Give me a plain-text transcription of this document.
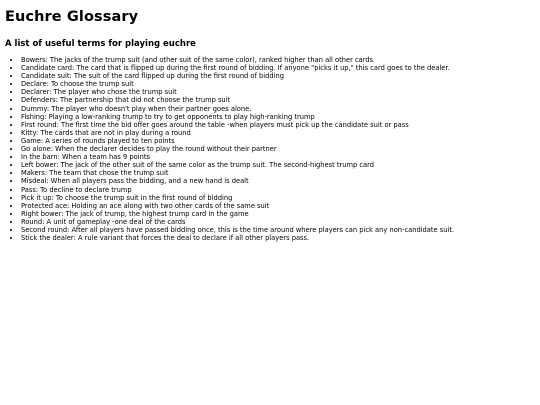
Euchre Glossary
A list of useful terms for playing euchre
• Bowers: The jacks of the trump suit (and other suit of the same color), ranked higher than all other cards
• Candidate card: The card that is flipped up during the first round of bidding. If anyone "picks it up," this card goes to the dealer.
• Candidate suit: The suit of the card flipped up during the first round of bidding
• Declare: To choose the trump suit
• Declarer: The player who chose the trump suit
• Defenders: The partnership that did not choose the trump suit
• Dummy: The player who doesn't play when their partner goes alone.
• Fishing: Playing a low-ranking trump to try to get opponents to play high-ranking trump
• First round: The first time the bid offer goes around the table -when players must pick up the candidate suit or pass
• Kitty: The cards that are not in play during a round
• Game: A series of rounds played to ten points
• Go alone: When the declarer decides to play the round without their partner
• In the barn: When a team has 9 points
• Left bower: The jack of the other suit of the same color as the trump suit. The second-highest trump card
• Makers: The team that chose the trump suit
• Misdeal: When all players pass the bidding, and a new hand is dealt
• Pass: To decline to declare trump
• Pick it up: To choose the trump suit in the first round of bidding
• Protected ace: Holding an ace along with two other cards of the same suit
• Right bower: The jack of trump, the highest trump card in the game
• Round: A unit of gameplay -one deal of the cards
• Second round: After all players have passed bidding once, this is the time around where players can pick any non-candidate suit.
• Stick the dealer: A rule variant that forces the deal to declare if all other players pass.
